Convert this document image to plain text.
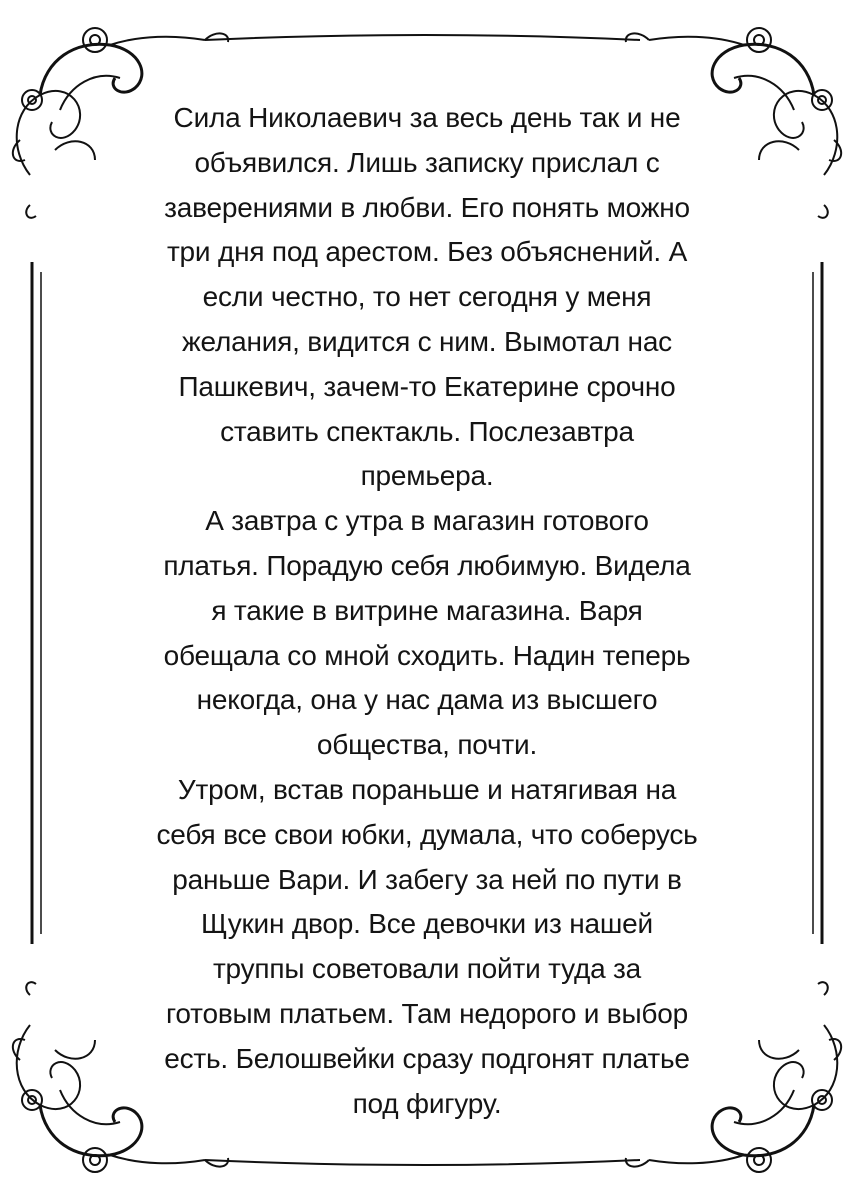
Сила Николаевич за весь день так и не
объявился. Лишь записку прислал с
заверениями в любви. Его понять можно
три дня под арестом. Без объяснений. А
если честно, то нет сегодня у меня
желания, видится с ним. Вымотал нас
Пашкевич, зачем-то Екатерине срочно
ставить спектакль. Послезавтра
премьера.
А завтра с утра в магазин готового
платья. Порадую себя любимую. Видела
я такие в витрине магазина. Варя
обещала со мной сходить. Надин теперь
некогда, она у нас дама из высшего
общества, почти.
Утром, встав пораньше и натягивая на
себя все свои юбки, думала, что соберусь
раньше Вари. И забегу за ней по пути в
Щукин двор. Все девочки из нашей
труппы советовали пойти туда за
готовым платьем. Там недорого и выбор
есть. Белошвейки сразу подгонят платье
под фигуру.
